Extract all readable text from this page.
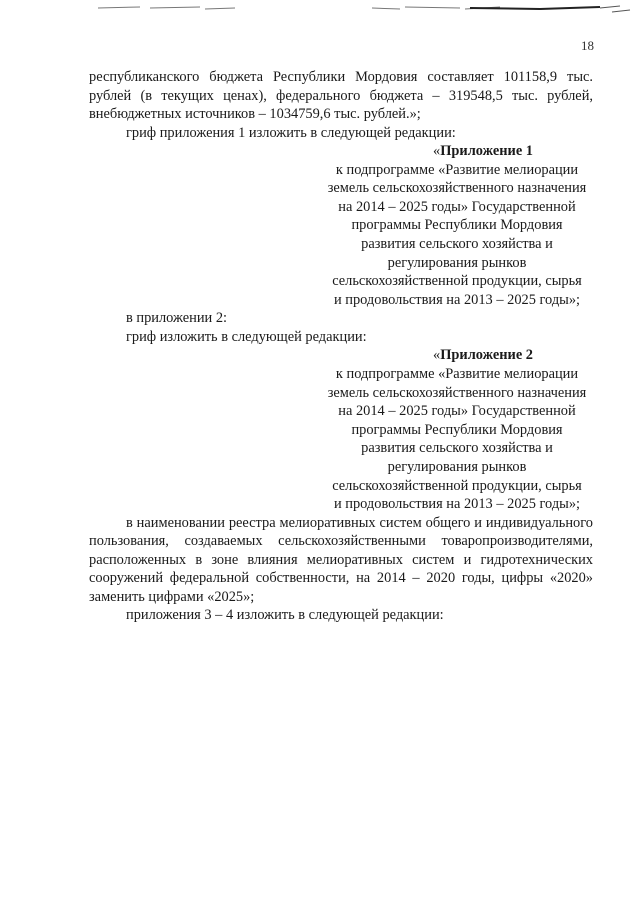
18

республиканского бюджета Республики Мордовия составляет 101158,9 тыс. рублей (в текущих ценах), федерального бюджета – 319548,5 тыс. рублей, внебюджетных источников – 1034759,6 тыс. рублей.»;

гриф приложения 1 изложить в следующей редакции:

«Приложение 1
к подпрограмме «Развитие мелиорации
земель сельскохозяйственного назначения
на 2014 – 2025 годы» Государственной
программы Республики Мордовия
развития сельского хозяйства и
регулирования рынков
сельскохозяйственной продукции, сырья
и продовольствия на 2013 – 2025 годы»;

в приложении 2:

гриф изложить в следующей редакции:

«Приложение 2
к подпрограмме «Развитие мелиорации
земель сельскохозяйственного назначения
на 2014 – 2025 годы» Государственной
программы Республики Мордовия
развития сельского хозяйства и
регулирования рынков
сельскохозяйственной продукции, сырья
и продовольствия на 2013 – 2025 годы»;

в наименовании реестра мелиоративных систем общего и индивидуального пользования, создаваемых сельскохозяйственными товаропроизводителями, расположенных в зоне влияния мелиоративных систем и гидротехнических сооружений федеральной собственности, на 2014 – 2020 годы, цифры «2020» заменить цифрами «2025»;

приложения 3 – 4 изложить в следующей редакции:
